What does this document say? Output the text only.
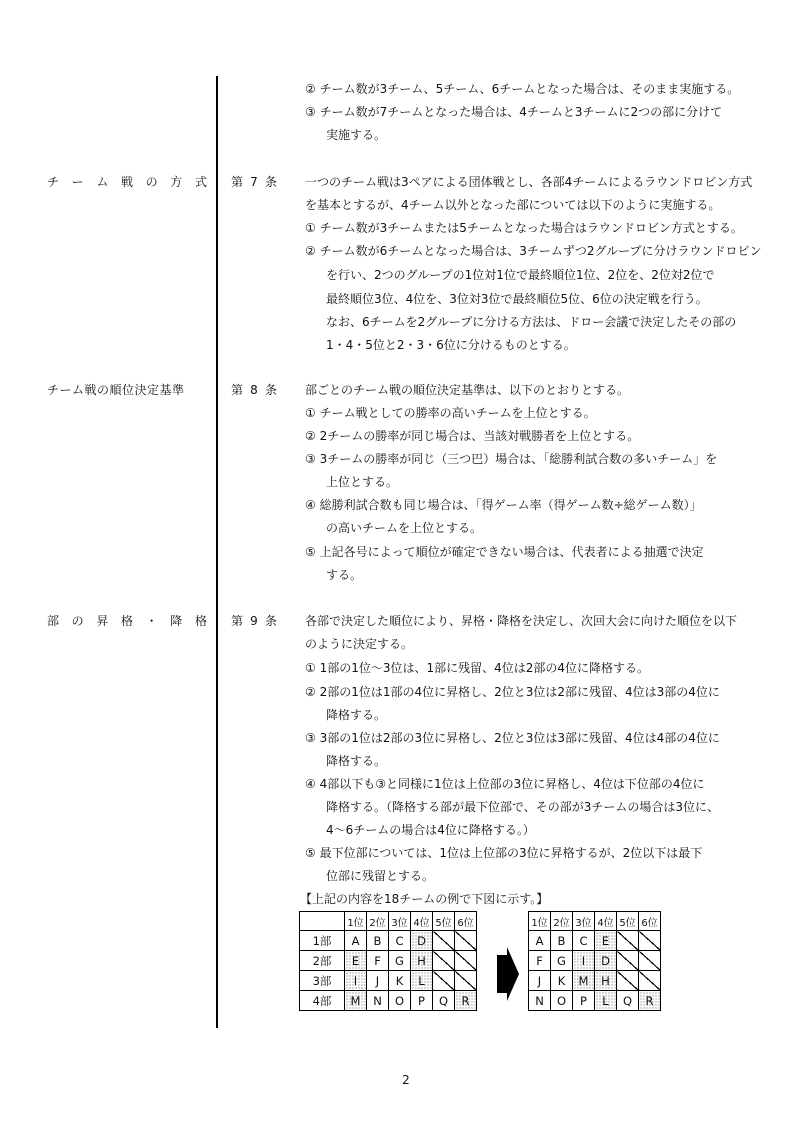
② チーム数が3チーム、5チーム、6チームとなった場合は、そのまま実施する。
③ チーム数が7チームとなった場合は、4チームと3チームに2つの部に分けて
実施する。
チ ー ム 戦 の 方 式 第 7 条 一つのチーム戦は3ペアによる団体戦とし、各部4チームによるラウンドロビン方式
を基本とするが、4チーム以外となった部については以下のように実施する。
① チーム数が3チームまたは5チームとなった場合はラウンドロビン方式とする。
② チーム数が6チームとなった場合は、3チームずつ2グループに分けラウンドロビン
を行い、2つのグループの1位対1位で最終順位1位、2位を、2位対2位で
最終順位3位、4位を、3位対3位で最終順位5位、6位の決定戦を行う。
なお、6チームを2グループに分ける方法は、ドロー会議で決定したその部の
1・4・5位と2・3・6位に分けるものとする。
チーム戦の順位決定基準	第 8 条 部ごとのチーム戦の順位決定基準は、以下のとおりとする。
① チーム戦としての勝率の高いチームを上位とする。
② 2チームの勝率が同じ場合は、当該対戦勝者を上位とする。
③ 3チームの勝率が同じ（三つ巴）場合は、「総勝利試合数の多いチーム」を
上位とする。
④ 総勝利試合数も同じ場合は、「得ゲーム率（得ゲーム数÷総ゲーム数）」
の高いチームを上位とする。
⑤ 上記各号によって順位が確定できない場合は、代表者による抽選で決定
する。
部 の 昇 格 ・ 降 格 第 9 条 各部で決定した順位により、昇格・降格を決定し、次回大会に向けた順位を以下
のように決定する。
① 1部の1位～3位は、1部に残留、4位は2部の4位に降格する。
② 2部の1位は1部の4位に昇格し、2位と3位は2部に残留、4位は3部の4位に
降格する。
③ 3部の1位は2部の3位に昇格し、2位と3位は3部に残留、4位は4部の4位に
降格する。
④ 4部以下も③と同様に1位は上位部の3位に昇格し、4位は下位部の4位に
降格する。（降格する部が最下位部で、その部が3チームの場合は3位に、
4～6チームの場合は4位に降格する。）
⑤ 最下位部については、1位は上位部の3位に昇格するが、2位以下は最下
位部に残留とする。
【上記の内容を18チームの例で下図に示す。】
	1位	2位	3位	4位	5位	6位
1部	A	B	C	D		
2部	E	F	G	H		
3部	I	J	K	L		
4部	M	N	O	P	Q	R
1位	2位	3位	4位	5位	6位
A	B	C	E		
F	G	I	D		
J	K	M	H		
N	O	P	L	Q	R
2
